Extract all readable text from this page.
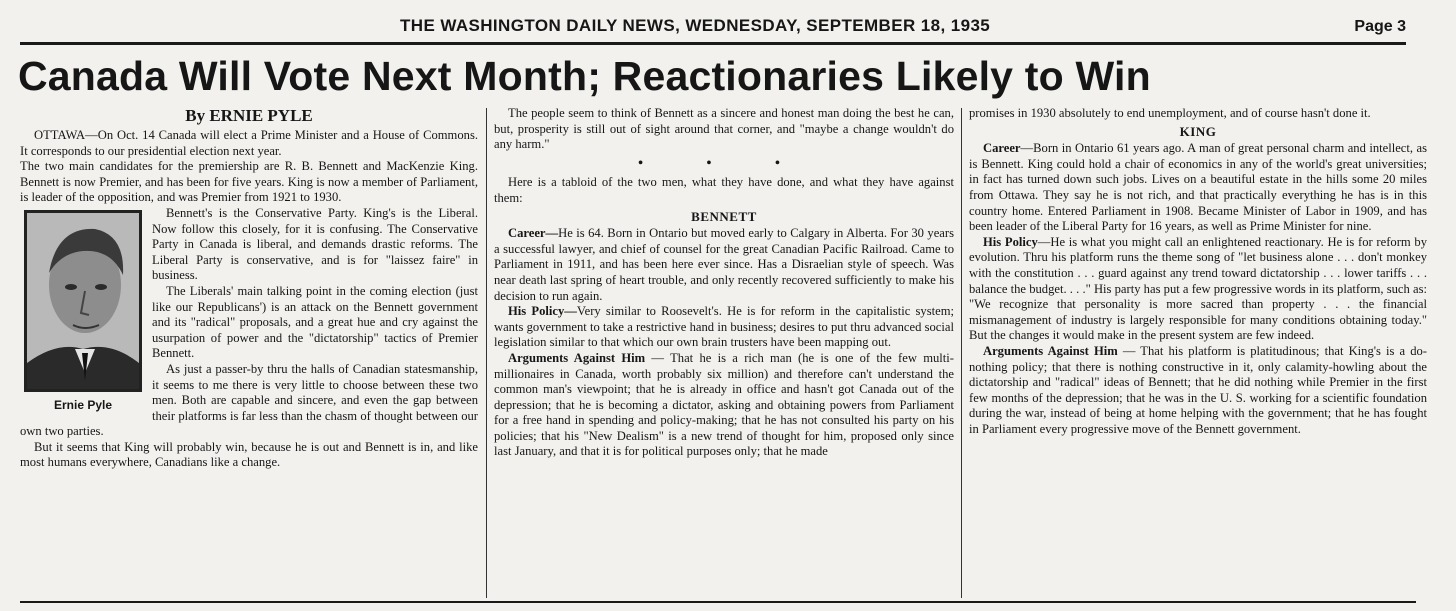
THE WASHINGTON DAILY NEWS, WEDNESDAY, SEPTEMBER 18, 1935	Page 3
Canada Will Vote Next Month; Reactionaries Likely to Win
By ERNIE PYLE

OTTAWA—On Oct. 14 Canada will elect a Prime Minister and a House of Commons. It corresponds to our presidential election next year.

The two main candidates for the premiership are R. B. Bennett and MacKenzie King. Bennett is now Premier, and has been for five years. King is now a member of Parliament, is leader of the opposition, and was Premier from 1921 to 1930.

Ernie Pyle

Bennett's is the Conservative Party. King's is the Liberal. Now follow this closely, for it is confusing. The Conservative Party in Canada is liberal, and demands drastic reforms. The Liberal Party is conservative, and is for "laissez faire" in business.

The Liberals' main talking point in the coming election (just like our Republicans') is an attack on the Bennett government and its "radical" proposals, and a great hue and cry against the usurpation of power and the "dictatorship" tactics of Premier Bennett.

As just a passer-by thru the halls of Canadian statesmanship, it seems to me there is very little to choose between these two men. Both are capable and sincere, and even the gap between their platforms is far less than the chasm of thought between our own two parties.

But it seems that King will probably win, because he is out and Bennett is in, and like most humans everywhere, Canadians like a change.

The people seem to think of Bennett as a sincere and honest man doing the best he can, but, prosperity is still out of sight around that corner, and "maybe a change wouldn't do any harm."

• • •

Here is a tabloid of the two men, what they have done, and what they have against them:

BENNETT

Career—He is 64. Born in Ontario but moved early to Calgary in Alberta. For 30 years a successful lawyer, and chief of counsel for the great Canadian Pacific Railroad. Came to Parliament in 1911, and has been here ever since. Has a Disraelian style of speech. Was near death last spring of heart trouble, and only recently recovered sufficiently to make his decision to run again.

His Policy—Very similar to Roosevelt's. He is for reform in the capitalistic system; wants government to take a restrictive hand in business; desires to put thru advanced social legislation similar to that which our own brain trusters have been mapping out.

Arguments Against Him — That he is a rich man (he is one of the few multi-millionaires in Canada, worth probably six million) and therefore can't understand the common man's viewpoint; that he is already in office and hasn't got Canada out of the depression; that he is becoming a dictator, asking and obtaining powers from Parliament for a free hand in spending and policy-making; that he has not consulted his party on his policies; that his "New Dealism" is a new trend of thought for him, proposed only since last January, and that it is for political purposes only; that he made

promises in 1930 absolutely to end unemployment, and of course hasn't done it.

KING

Career—Born in Ontario 61 years ago. A man of great personal charm and intellect, as is Bennett. King could hold a chair of economics in any of the world's great universities; in fact has turned down such jobs. Lives on a beautiful estate in the hills some 20 miles from Ottawa. They say he is not rich, and that practically everything he has is in this country home. Entered Parliament in 1908. Became Minister of Labor in 1909, and has been leader of the Liberal Party for 16 years, as well as Prime Minister for nine.

His Policy—He is what you might call an enlightened reactionary. He is for reform by evolution. Thru his platform runs the theme song of "let business alone . . . don't monkey with the constitution . . . guard against any trend toward dictatorship . . . lower tariffs . . . balance the budget. . . ." His party has put a few progressive words in its platform, such as: "We recognize that personality is more sacred than property . . . the financial mismanagement of industry is largely responsible for many conditions obtaining today." But the changes it would make in the present system are few indeed.

Arguments Against Him — That his platform is platitudinous; that King's is a do-nothing policy; that there is nothing constructive in it, only calamity-howling about the dictatorship and "radical" ideas of Bennett; that he did nothing while Premier in the first few months of the depression; that he was in the U. S. working for a scientific foundation during the war, instead of being at home helping with the government; that he has fought in Parliament every progressive move of the Bennett government.
